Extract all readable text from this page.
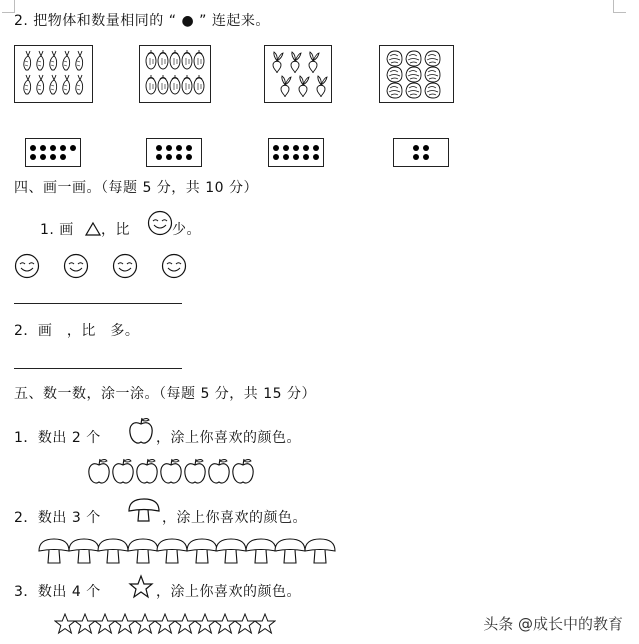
2. 把物体和数量相同的 “ ● ” 连起来。
四、画一画。（每题 5 分，共 10 分）
1. 画 ，比	少。
2．画　，比　多。
五、数一数，涂一涂。（每题 5 分，共 15 分）
1．数出 2 个	，涂上你喜欢的颜色。
2．数出 3 个	，涂上你喜欢的颜色。
3．数出 4 个	，涂上你喜欢的颜色。
头条 @成长中的教育
